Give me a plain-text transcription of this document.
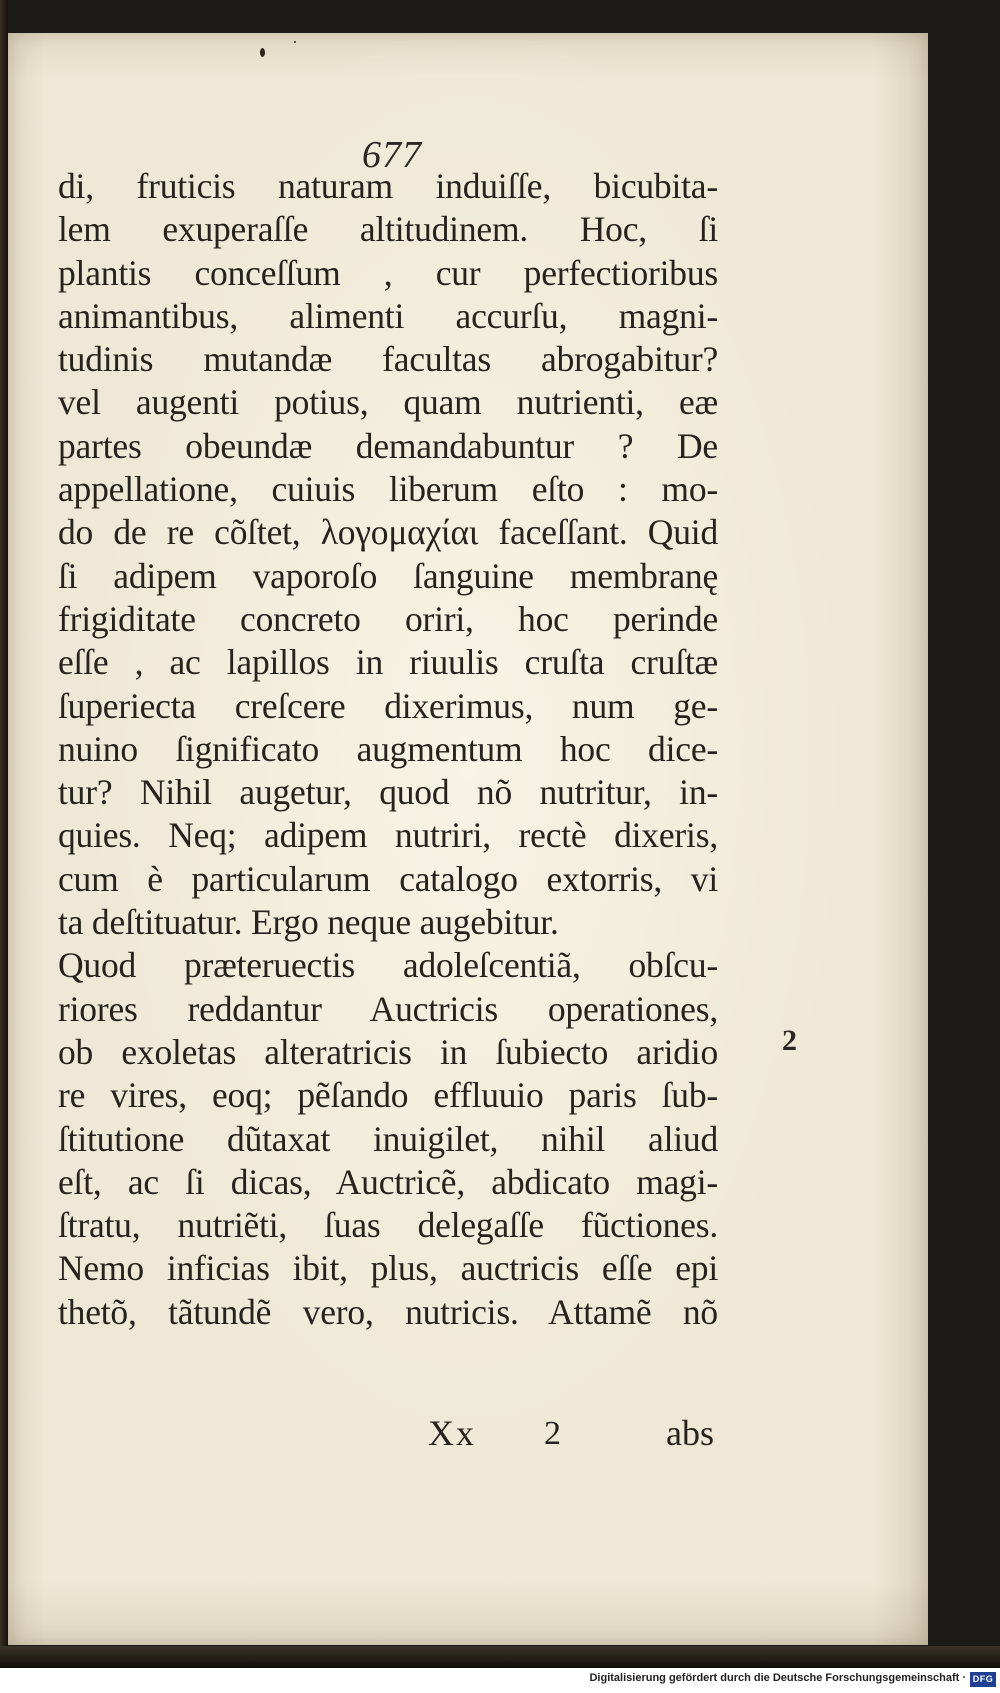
677
di, fruticis naturam induiſſe, bicubita-
lem exuperaſſe altitudinem. Hoc, ſi
plantis conceſſum , cur perfectioribus
animantibus, alimenti accurſu, magni-
tudinis mutandæ facultas abrogabitur?
vel augenti potius, quam nutrienti, eæ
partes obeundæ demandabuntur ? De
appellatione, cuiuis liberum eſto : mo-
do de re cõſtet, λογομαχίαι faceſſant. Quid
ſi adipem vaporoſo ſanguine membranę
frigiditate concreto oriri, hoc perinde
eſſe , ac lapillos in riuulis cruſta cruſtæ
ſuperiecta creſcere dixerimus, num ge-
nuino ſignificato augmentum hoc dice-
tur? Nihil augetur, quod nõ nutritur, in-
quies. Neq; adipem nutriri, rectè dixeris,
cum è particularum catalogo extorris, vi
ta deſtituatur. Ergo neque augebitur.
Quod præteruectis adoleſcentiã, obſcu-
riores reddantur Auctricis operationes,
ob exoletas alteratricis in ſubiecto aridio
re vires, eoq; pẽſando effluuio paris ſub-
ſtitutione dũtaxat inuigilet, nihil aliud
eſt, ac ſi dicas, Auctricẽ, abdicato magi-
ſtratu, nutriẽti, ſuas delegaſſe fũctiones.
Nemo inficias ibit, plus, auctricis eſſe epi
thetõ, tãtundẽ vero, nutricis. Attamẽ nõ
2
Xx 2	abs
Digitalisierung gefördert durch die Deutsche Forschungsgemeinschaft · DFG
